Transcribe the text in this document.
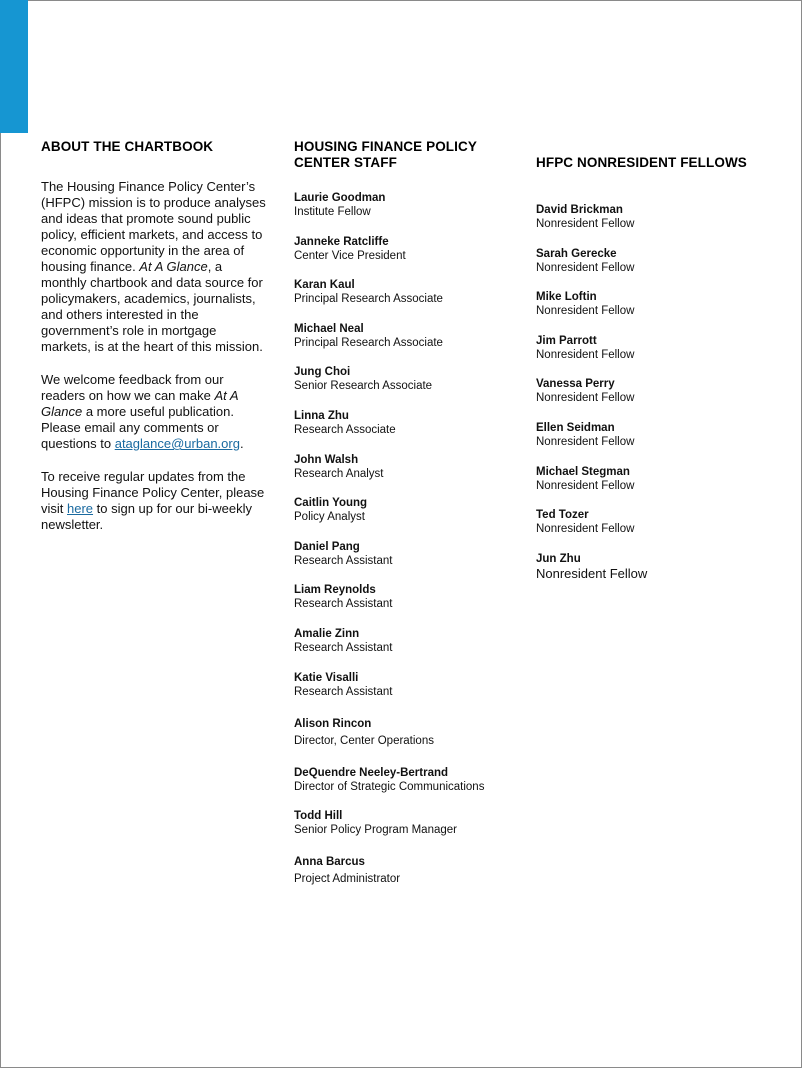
ABOUT THE CHARTBOOK

The Housing Finance Policy Center’s (HFPC) mission is to produce analyses and ideas that promote sound public policy, efficient markets, and access to economic opportunity in the area of housing finance. At A Glance, a monthly chartbook and data source for policymakers, academics, journalists, and others interested in the government’s role in mortgage markets, is at the heart of this mission.

We welcome feedback from our readers on how we can make At A Glance a more useful publication. Please email any comments or questions to ataglance@urban.org.

To receive regular updates from the Housing Finance Policy Center, please visit here to sign up for our bi-weekly newsletter.

HOUSING FINANCE POLICY CENTER STAFF
Laurie Goodman
Institute Fellow
Janneke Ratcliffe
Center Vice President
Karan Kaul
Principal Research Associate
Michael Neal
Principal Research Associate
Jung Choi
Senior Research Associate
Linna Zhu
Research Associate
John Walsh
Research Analyst
Caitlin Young
Policy Analyst
Daniel Pang
Research Assistant
Liam Reynolds
Research Assistant
Amalie Zinn
Research Assistant
Katie Visalli
Research Assistant
Alison Rincon
Director, Center Operations
DeQuendre Neeley-Bertrand
Director of Strategic Communications
Todd Hill
Senior Policy Program Manager
Anna Barcus
Project Administrator
HFPC NONRESIDENT FELLOWS
David Brickman
Nonresident Fellow
Sarah Gerecke
Nonresident Fellow
Mike Loftin
Nonresident Fellow
Jim Parrott
Nonresident Fellow
Vanessa Perry
Nonresident Fellow
Ellen Seidman
Nonresident Fellow
Michael Stegman
Nonresident Fellow
Ted Tozer
Nonresident Fellow
Jun Zhu
Nonresident Fellow
